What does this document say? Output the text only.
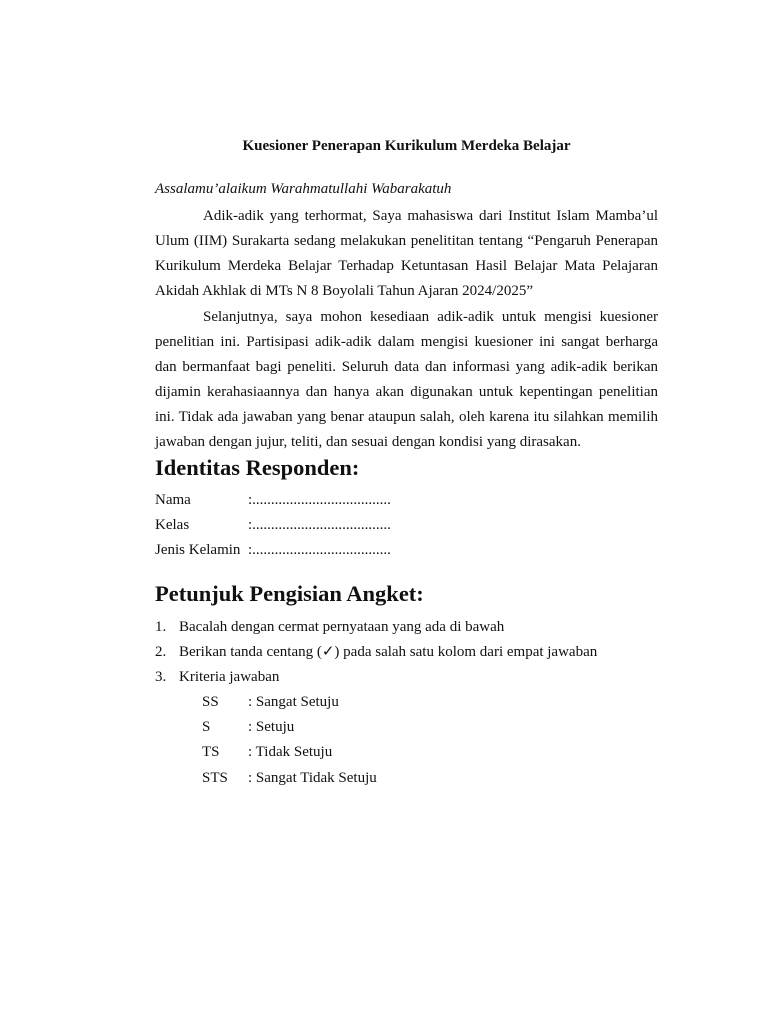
Kuesioner Penerapan Kurikulum Merdeka Belajar

Assalamu’alaikum Warahmatullahi Wabarakatuh

Adik-adik yang terhormat, Saya mahasiswa dari Institut Islam Mamba’ul Ulum (IIM) Surakarta sedang melakukan penelititan tentang “Pengaruh Penerapan Kurikulum Merdeka Belajar Terhadap Ketuntasan Hasil Belajar Mata Pelajaran Akidah Akhlak di MTs N 8 Boyolali Tahun Ajaran 2024/2025”

Selanjutnya, saya mohon kesediaan adik-adik untuk mengisi kuesioner penelitian ini. Partisipasi adik-adik dalam mengisi kuesioner ini sangat berharga dan bermanfaat bagi peneliti. Seluruh data dan informasi yang adik-adik berikan dijamin kerahasiaannya dan hanya akan digunakan untuk kepentingan penelitian ini. Tidak ada jawaban yang benar ataupun salah, oleh karena itu silahkan memilih jawaban dengan jujur, teliti, dan sesuai dengan kondisi yang dirasakan.

Identitas Responden:
Nama	:.....................................
Kelas	:.....................................
Jenis Kelamin :.....................................
Petunjuk Pengisian Angket:
1. Bacalah dengan cermat pernyataan yang ada di bawah
2. Berikan tanda centang (✓) pada salah satu kolom dari empat jawaban
3. Kriteria jawaban
SS : Sangat Setuju
S	: Setuju
TS : Tidak Setuju
STS : Sangat Tidak Setuju
